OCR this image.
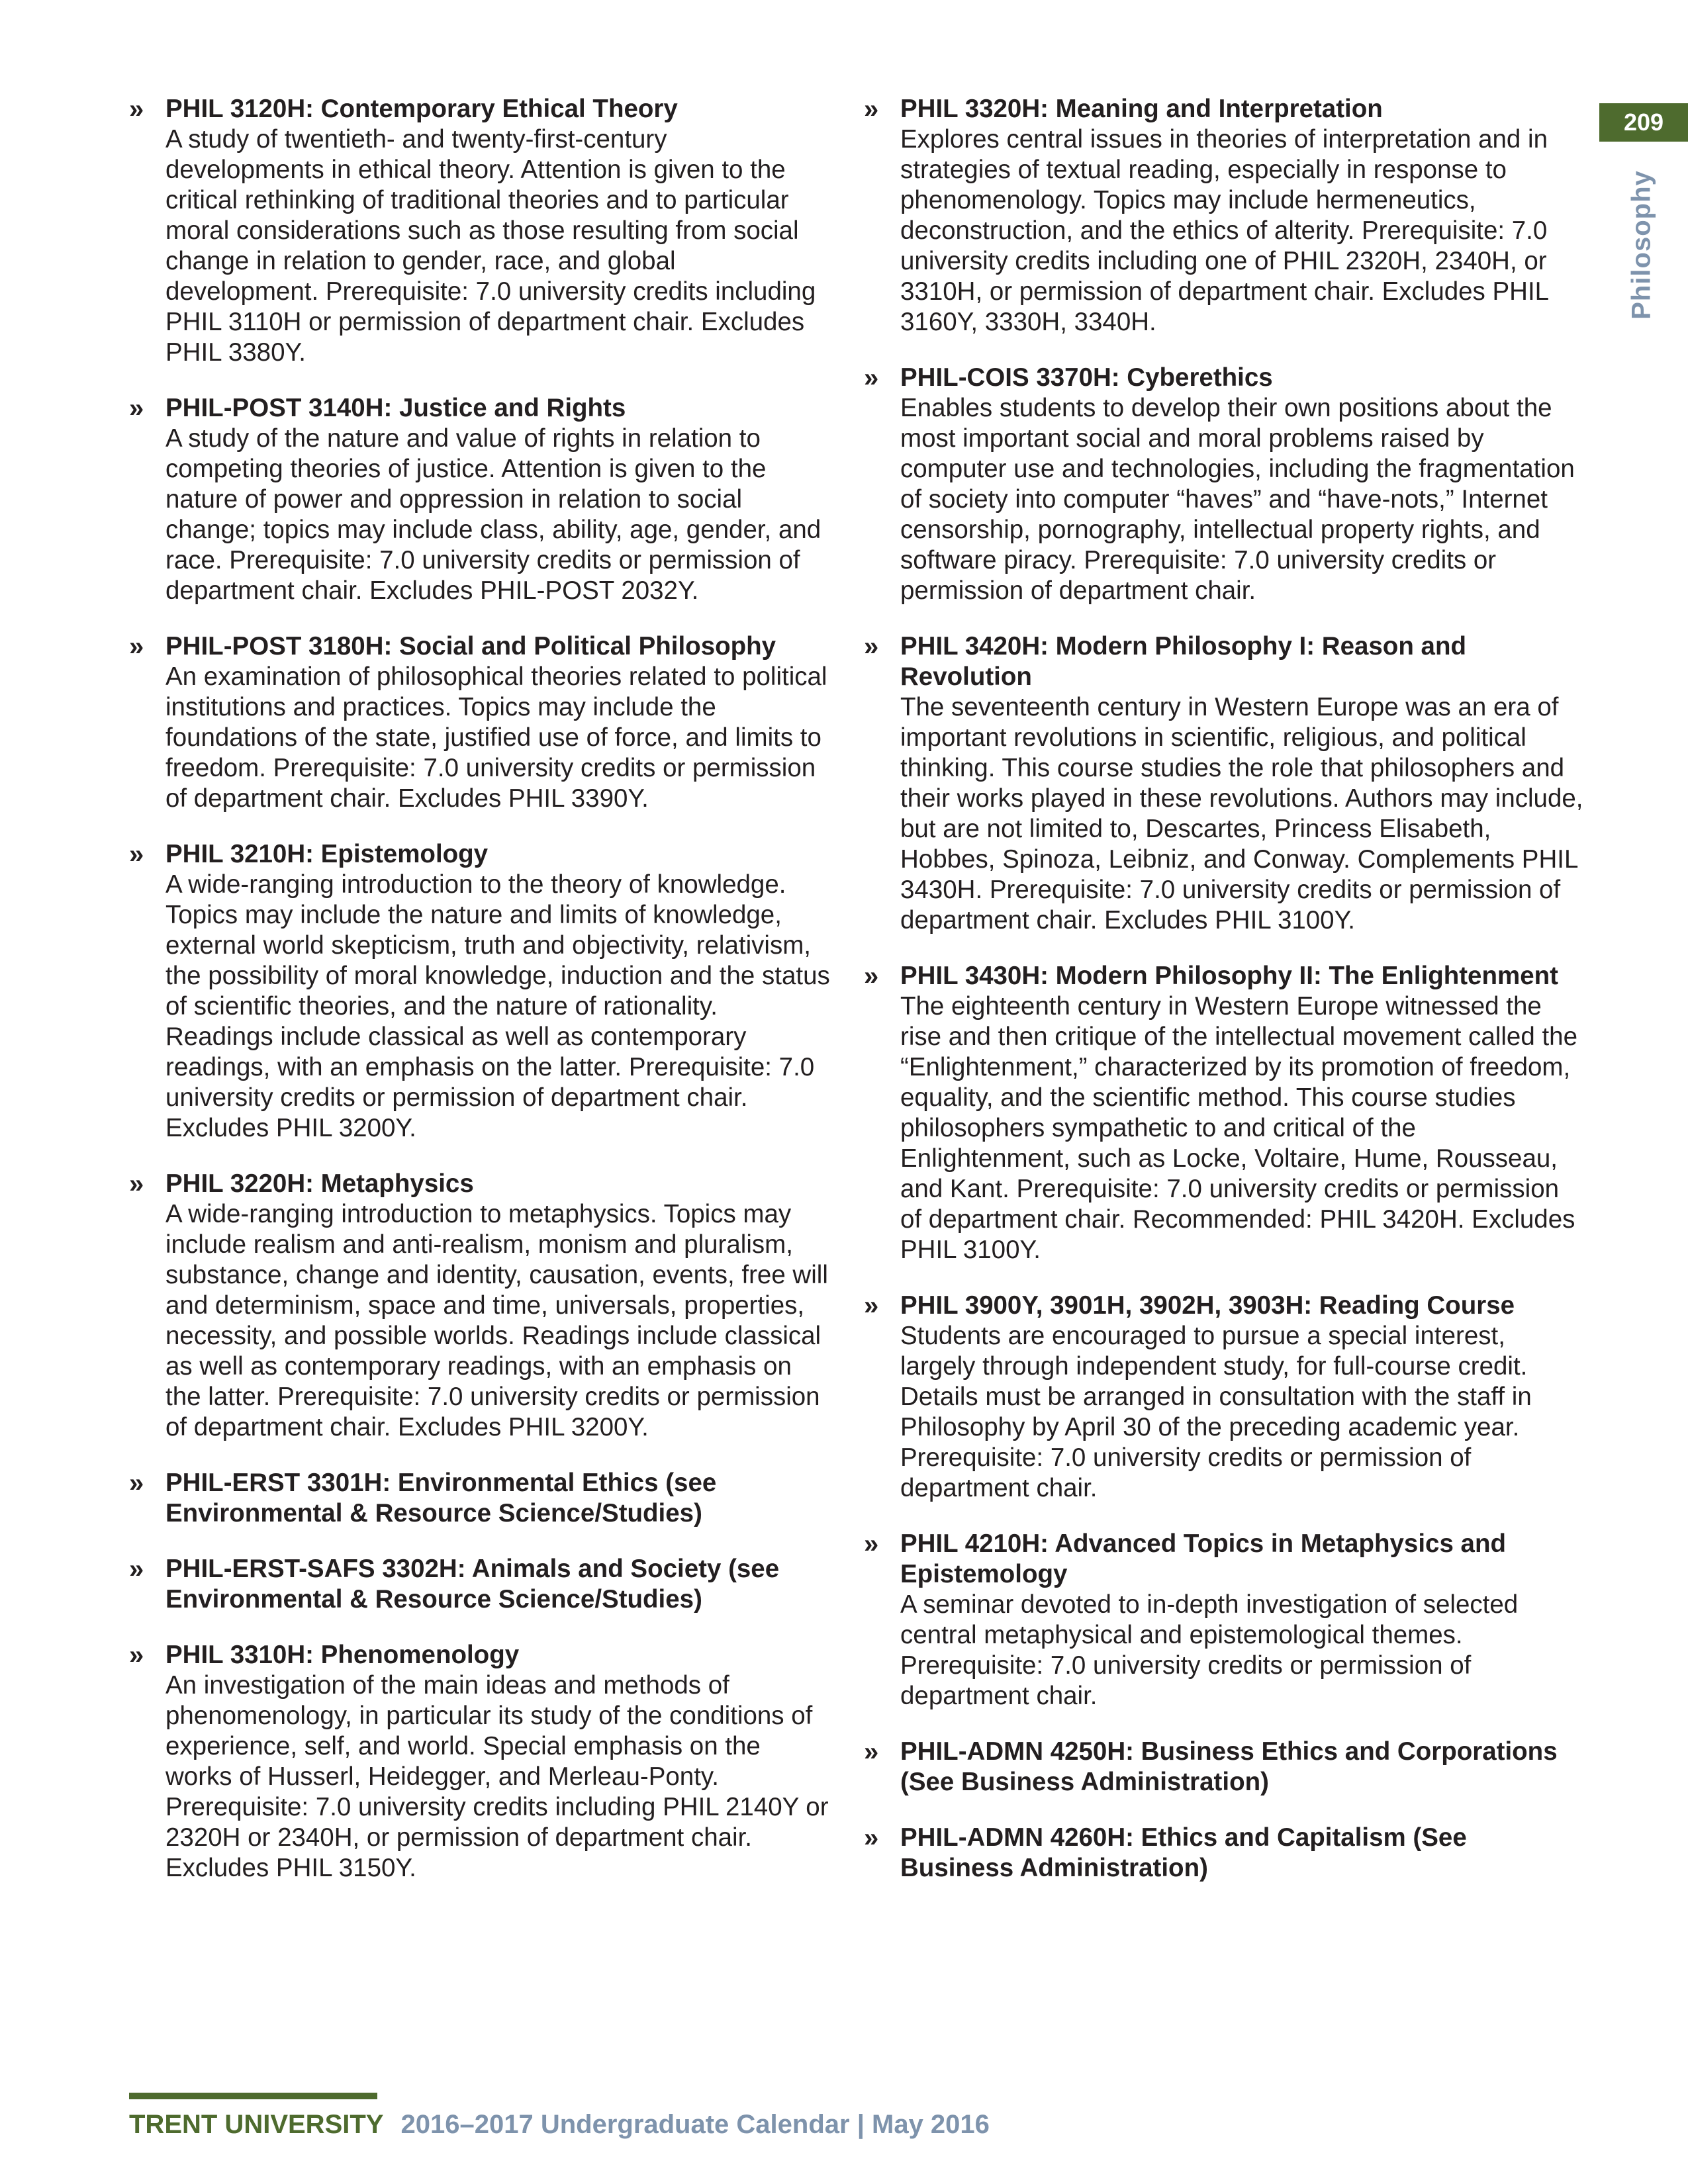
209
Philosophy
» PHIL 3120H: Contemporary Ethical Theory

A study of twentieth- and twenty-first-century developments in ethical theory. Attention is given to the critical rethinking of traditional theories and to particular moral considerations such as those resulting from social change in relation to gender, race, and global development. Prerequisite: 7.0 university credits including PHIL 3110H or permission of department chair. Excludes PHIL 3380Y.

» PHIL-POST 3140H: Justice and Rights

A study of the nature and value of rights in relation to competing theories of justice. Attention is given to the nature of power and oppression in relation to social change; topics may include class, ability, age, gender, and race. Prerequisite: 7.0 university credits or permission of department chair. Excludes PHIL-POST 2032Y.

» PHIL-POST 3180H: Social and Political Philosophy

An examination of philosophical theories related to political institutions and practices. Topics may include the foundations of the state, justified use of force, and limits to freedom. Prerequisite: 7.0 university credits or permission of department chair. Excludes PHIL 3390Y.

» PHIL 3210H: Epistemology

A wide-ranging introduction to the theory of knowledge. Topics may include the nature and limits of knowledge, external world skepticism, truth and objectivity, relativism, the possibility of moral knowledge, induction and the status of scientific theories, and the nature of rationality. Readings include classical as well as contemporary readings, with an emphasis on the latter. Prerequisite: 7.0 university credits or permission of department chair. Excludes PHIL 3200Y.

» PHIL 3220H: Metaphysics

A wide-ranging introduction to metaphysics. Topics may include realism and anti-realism, monism and pluralism, substance, change and identity, causation, events, free will and determinism, space and time, universals, properties, necessity, and possible worlds. Readings include classical as well as contemporary readings, with an emphasis on the latter. Prerequisite: 7.0 university credits or permission of department chair. Excludes PHIL 3200Y.

» PHIL-ERST 3301H: Environmental Ethics (see Environmental & Resource Science/Studies)

» PHIL-ERST-SAFS 3302H: Animals and Society (see Environmental & Resource Science/Studies)

» PHIL 3310H: Phenomenology

An investigation of the main ideas and methods of phenomenology, in particular its study of the conditions of experience, self, and world. Special emphasis on the works of Husserl, Heidegger, and Merleau-Ponty. Prerequisite: 7.0 university credits including PHIL 2140Y or 2320H or 2340H, or permission of department chair. Excludes PHIL 3150Y.

» PHIL 3320H: Meaning and Interpretation

Explores central issues in theories of interpretation and in strategies of textual reading, especially in response to phenomenology. Topics may include hermeneutics, deconstruction, and the ethics of alterity. Prerequisite: 7.0 university credits including one of PHIL 2320H, 2340H, or 3310H, or permission of department chair. Excludes PHIL 3160Y, 3330H, 3340H.

» PHIL-COIS 3370H: Cyberethics

Enables students to develop their own positions about the most important social and moral problems raised by computer use and technologies, including the fragmentation of society into computer “haves” and “have-nots,” Internet censorship, pornography, intellectual property rights, and software piracy. Prerequisite: 7.0 university credits or permission of department chair.

» PHIL 3420H: Modern Philosophy I: Reason and Revolution

The seventeenth century in Western Europe was an era of important revolutions in scientific, religious, and political thinking. This course studies the role that philosophers and their works played in these revolutions. Authors may include, but are not limited to, Descartes, Princess Elisabeth, Hobbes, Spinoza, Leibniz, and Conway. Complements PHIL 3430H. Prerequisite: 7.0 university credits or permission of department chair. Excludes PHIL 3100Y.

» PHIL 3430H: Modern Philosophy II: The Enlightenment

The eighteenth century in Western Europe witnessed the rise and then critique of the intellectual movement called the “Enlightenment,” characterized by its promotion of freedom, equality, and the scientific method. This course studies philosophers sympathetic to and critical of the Enlightenment, such as Locke, Voltaire, Hume, Rousseau, and Kant. Prerequisite: 7.0 university credits or permission of department chair. Recommended: PHIL 3420H. Excludes PHIL 3100Y.

» PHIL 3900Y, 3901H, 3902H, 3903H: Reading Course

Students are encouraged to pursue a special interest, largely through independent study, for full-course credit. Details must be arranged in consultation with the staff in Philosophy by April 30 of the preceding academic year. Prerequisite: 7.0 university credits or permission of department chair.

» PHIL 4210H: Advanced Topics in Metaphysics and Epistemology

A seminar devoted to in-depth investigation of selected central metaphysical and epistemological themes. Prerequisite: 7.0 university credits or permission of department chair.

» PHIL-ADMN 4250H: Business Ethics and Corporations (See Business Administration)

» PHIL-ADMN 4260H: Ethics and Capitalism (See Business Administration)

TRENT UNIVERSITY 2016–2017 Undergraduate Calendar | May 2016
